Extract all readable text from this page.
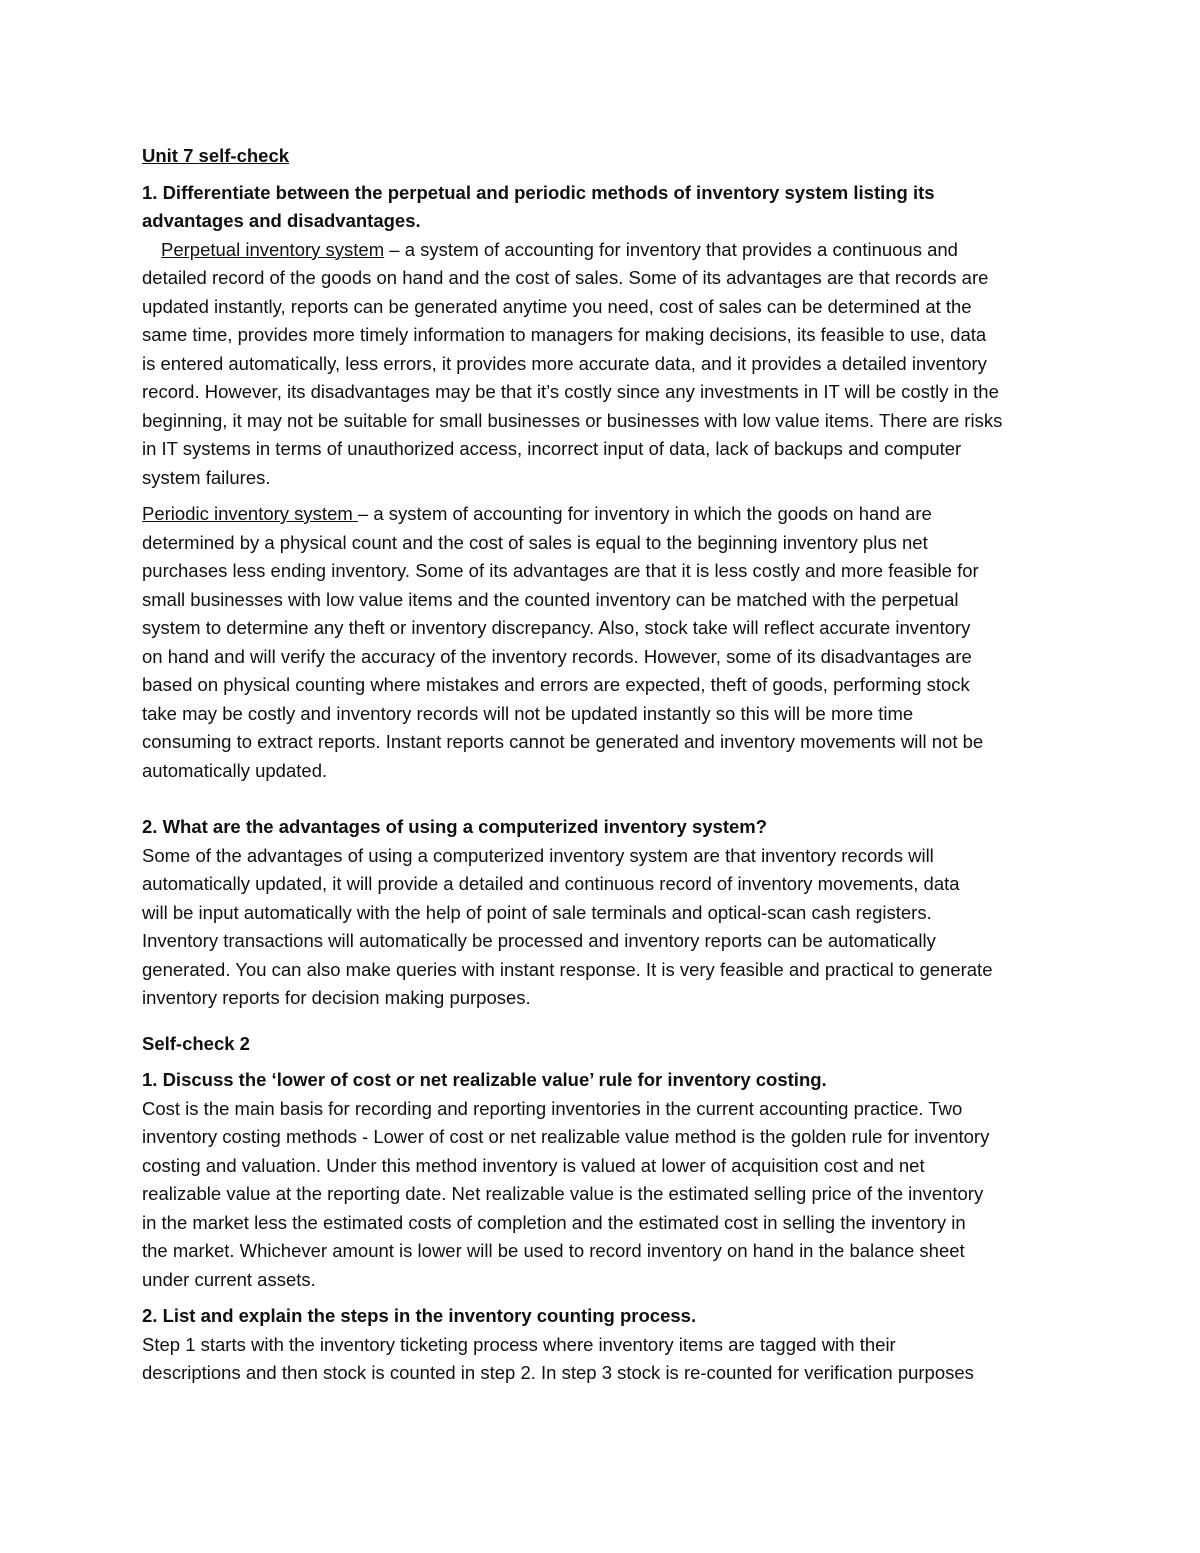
Unit 7 self-check
1. Differentiate between the perpetual and periodic methods of inventory system listing its
advantages and disadvantages.
Perpetual inventory system – a system of accounting for inventory that provides a continuous and
detailed record of the goods on hand and the cost of sales. Some of its advantages are that records are
updated instantly, reports can be generated anytime you need, cost of sales can be determined at the
same time, provides more timely information to managers for making decisions, its feasible to use, data
is entered automatically, less errors, it provides more accurate data, and it provides a detailed inventory
record. However, its disadvantages may be that it’s costly since any investments in IT will be costly in the
beginning, it may not be suitable for small businesses or businesses with low value items. There are risks
in IT systems in terms of unauthorized access, incorrect input of data, lack of backups and computer
system failures.
Periodic inventory system – a system of accounting for inventory in which the goods on hand are
determined by a physical count and the cost of sales is equal to the beginning inventory plus net
purchases less ending inventory. Some of its advantages are that it is less costly and more feasible for
small businesses with low value items and the counted inventory can be matched with the perpetual
system to determine any theft or inventory discrepancy. Also, stock take will reflect accurate inventory
on hand and will verify the accuracy of the inventory records. However, some of its disadvantages are
based on physical counting where mistakes and errors are expected, theft of goods, performing stock
take may be costly and inventory records will not be updated instantly so this will be more time
consuming to extract reports. Instant reports cannot be generated and inventory movements will not be
automatically updated.
2. What are the advantages of using a computerized inventory system?
Some of the advantages of using a computerized inventory system are that inventory records will
automatically updated, it will provide a detailed and continuous record of inventory movements, data
will be input automatically with the help of point of sale terminals and optical-scan cash registers.
Inventory transactions will automatically be processed and inventory reports can be automatically
generated. You can also make queries with instant response. It is very feasible and practical to generate
inventory reports for decision making purposes.
Self-check 2
1. Discuss the ‘lower of cost or net realizable value’ rule for inventory costing.
Cost is the main basis for recording and reporting inventories in the current accounting practice. Two
inventory costing methods - Lower of cost or net realizable value method is the golden rule for inventory
costing and valuation. Under this method inventory is valued at lower of acquisition cost and net
realizable value at the reporting date. Net realizable value is the estimated selling price of the inventory
in the market less the estimated costs of completion and the estimated cost in selling the inventory in
the market. Whichever amount is lower will be used to record inventory on hand in the balance sheet
under current assets.
2. List and explain the steps in the inventory counting process.
Step 1 starts with the inventory ticketing process where inventory items are tagged with their
descriptions and then stock is counted in step 2. In step 3 stock is re-counted for verification purposes
